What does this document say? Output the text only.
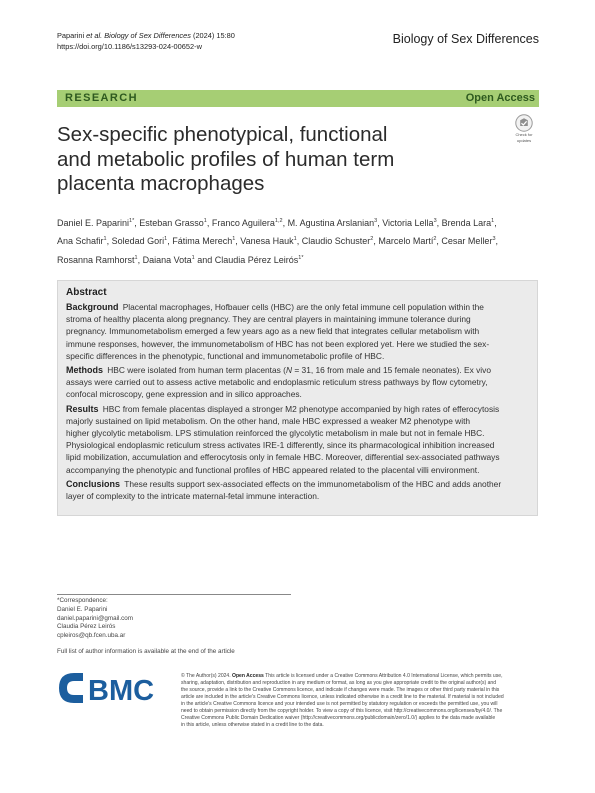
Paparini et al. Biology of Sex Differences (2024) 15:80
https://doi.org/10.1186/s13293-024-00652-w	Biology of Sex Differences
RESEARCH	Open Access
Sex-specific phenotypical, functional
and metabolic profiles of human term
placenta macrophages
Check for
updates
Daniel E. Paparini$^{1*}$, Esteban Grasso$^1$, Franco Aguilera$^{1,2}$, M. Agustina Arslanian$^3$, Victoria Lella$^3$, Brenda Lara$^1$,
Ana Schafir$^1$, Soledad Gori$^1$, Fátima Merech$^1$, Vanesa Hauk$^1$, Claudio Schuster$^2$, Marcelo Martí$^2$, Cesar Meller$^3$,
Rosanna Ramhorst$^1$, Daiana Vota$^1$ and Claudia Pérez Leirós$^{1*}$
Abstract
Background  Placental macrophages, Hofbauer cells (HBC) are the only fetal immune cell population within the
stroma of healthy placenta along pregnancy. They are central players in maintaining immune tolerance during
pregnancy. Immunometabolism emerged a few years ago as a new field that integrates cellular metabolism with
immune responses, however, the immunometabolism of HBC has not been explored yet. Here we studied the sex-
specific differences in the phenotypic, functional and immunometabolic profile of HBC.
Methods  HBC were isolated from human term placentas (N = 31, 16 from male and 15 female neonates). Ex vivo
assays were carried out to assess active metabolic and endoplasmic reticulum stress pathways by flow cytometry,
confocal microscopy, gene expression and in silico approaches.
Results  HBC from female placentas displayed a stronger M2 phenotype accompanied by high rates of efferocytosis
majorly sustained on lipid metabolism. On the other hand, male HBC expressed a weaker M2 phenotype with
higher glycolytic metabolism. LPS stimulation reinforced the glycolytic metabolism in male but not in female HBC.
Physiological endoplasmic reticulum stress activates IRE-1 differently, since its pharmacological inhibition increased
lipid mobilization, accumulation and efferocytosis only in female HBC. Moreover, differential sex-associated pathways
accompanying the phenotypic and functional profiles of HBC appeared related to the placental villi environment.
Conclusions  These results support sex-associated effects on the immunometabolism of the HBC and adds another
layer of complexity to the intricate maternal-fetal immune interaction.
*Correspondence:
Daniel E. Paparini
daniel.paparini@gmail.com
Claudia Pérez Leirós
cpleiros@qb.fcen.uba.ar
Full list of author information is available at the end of the article
BMC	© The Author(s) 2024. Open Access This article is licensed under a Creative Commons Attribution 4.0 International License, which permits use,
sharing, adaptation, distribution and reproduction in any medium or format, as long as you give appropriate credit to the original author(s) and
the source, provide a link to the Creative Commons licence, and indicate if changes were made. The images or other third party material in this
article are included in the article's Creative Commons licence, unless indicated otherwise in a credit line to the material. If material is not included
in the article's Creative Commons licence and your intended use is not permitted by statutory regulation or exceeds the permitted use, you will
need to obtain permission directly from the copyright holder. To view a copy of this licence, visit http://creativecommons.org/licenses/by/4.0/. The
Creative Commons Public Domain Dedication waiver (http://creativecommons.org/publicdomain/zero/1.0/) applies to the data made available
in this article, unless otherwise stated in a credit line to the data.
